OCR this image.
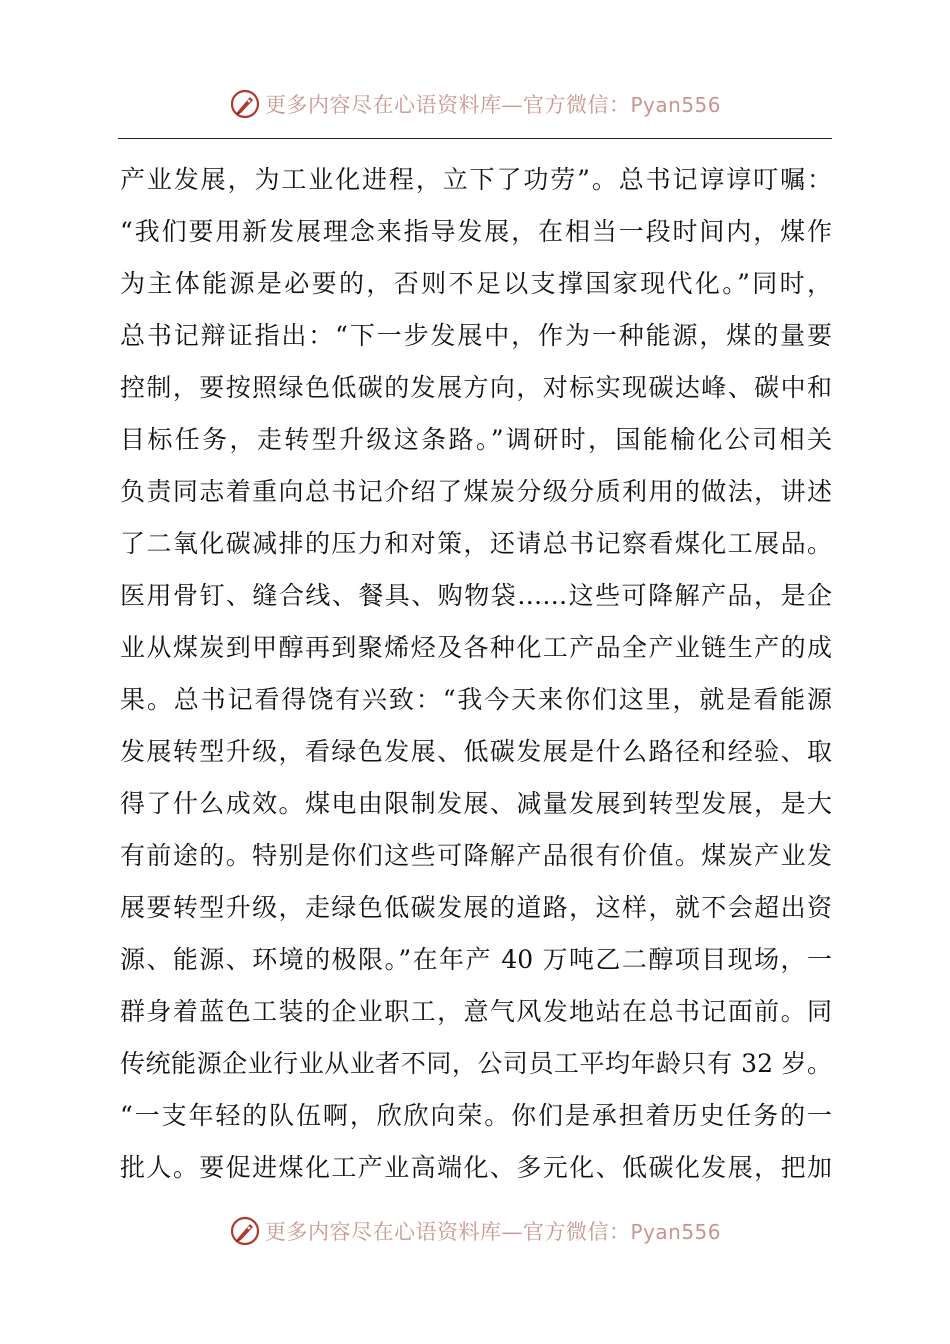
更多内容尽在心语资料库—官方微信：Pyan556
产业发展，为工业化进程，立下了功劳”。总书记谆谆叮嘱：
“我们要用新发展理念来指导发展，在相当一段时间内，煤作
为主体能源是必要的，否则不足以支撑国家现代化。”同时，
总书记辩证指出：“下一步发展中，作为一种能源，煤的量要
控制，要按照绿色低碳的发展方向，对标实现碳达峰、碳中和
目标任务，走转型升级这条路。”调研时，国能榆化公司相关
负责同志着重向总书记介绍了煤炭分级分质利用的做法，讲述
了二氧化碳减排的压力和对策，还请总书记察看煤化工展品。
医用骨钉、缝合线、餐具、购物袋……这些可降解产品，是企
业从煤炭到甲醇再到聚烯烃及各种化工产品全产业链生产的成
果。总书记看得饶有兴致：“我今天来你们这里，就是看能源
发展转型升级，看绿色发展、低碳发展是什么路径和经验、取
得了什么成效。煤电由限制发展、减量发展到转型发展，是大
有前途的。特别是你们这些可降解产品很有价值。煤炭产业发
展要转型升级，走绿色低碳发展的道路，这样，就不会超出资
源、能源、环境的极限。”在年产 40 万吨乙二醇项目现场，一
群身着蓝色工装的企业职工，意气风发地站在总书记面前。同
传统能源企业行业从业者不同，公司员工平均年龄只有 32 岁。
“一支年轻的队伍啊，欣欣向荣。你们是承担着历史任务的一
批人。要促进煤化工产业高端化、多元化、低碳化发展，把加
更多内容尽在心语资料库—官方微信：Pyan556
